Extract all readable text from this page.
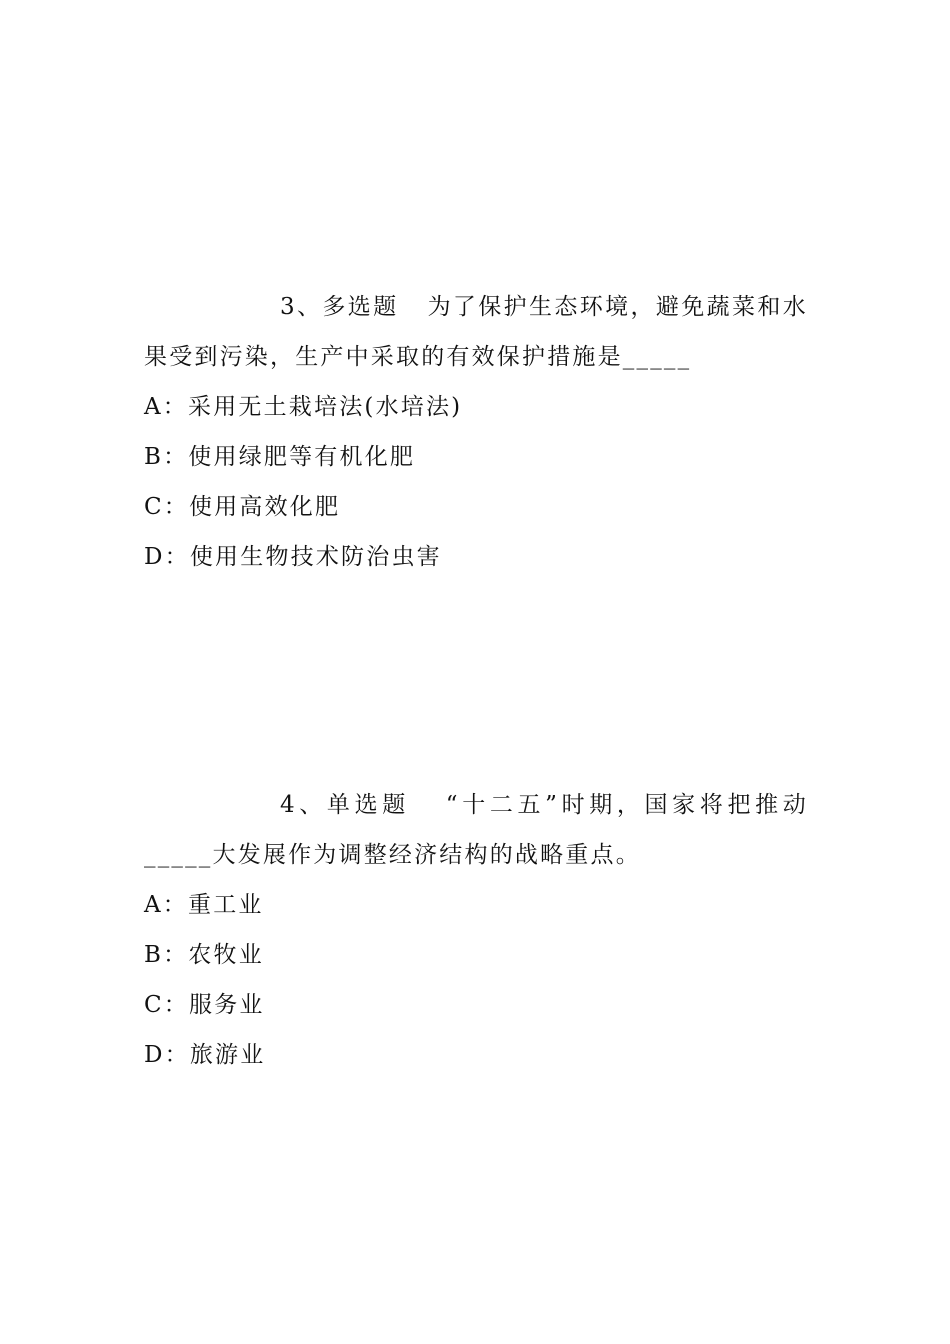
3、多选题 为了保护生态环境，避免蔬菜和水果受到污染，生产中采取的有效保护措施是_____

A：采用无土栽培法(水培法)
B：使用绿肥等有机化肥
C：使用高效化肥
D：使用生物技术防治虫害

4、单选题 “十二五”时期，国家将把推动_____大发展作为调整经济结构的战略重点。

A：重工业
B：农牧业
C：服务业
D：旅游业
